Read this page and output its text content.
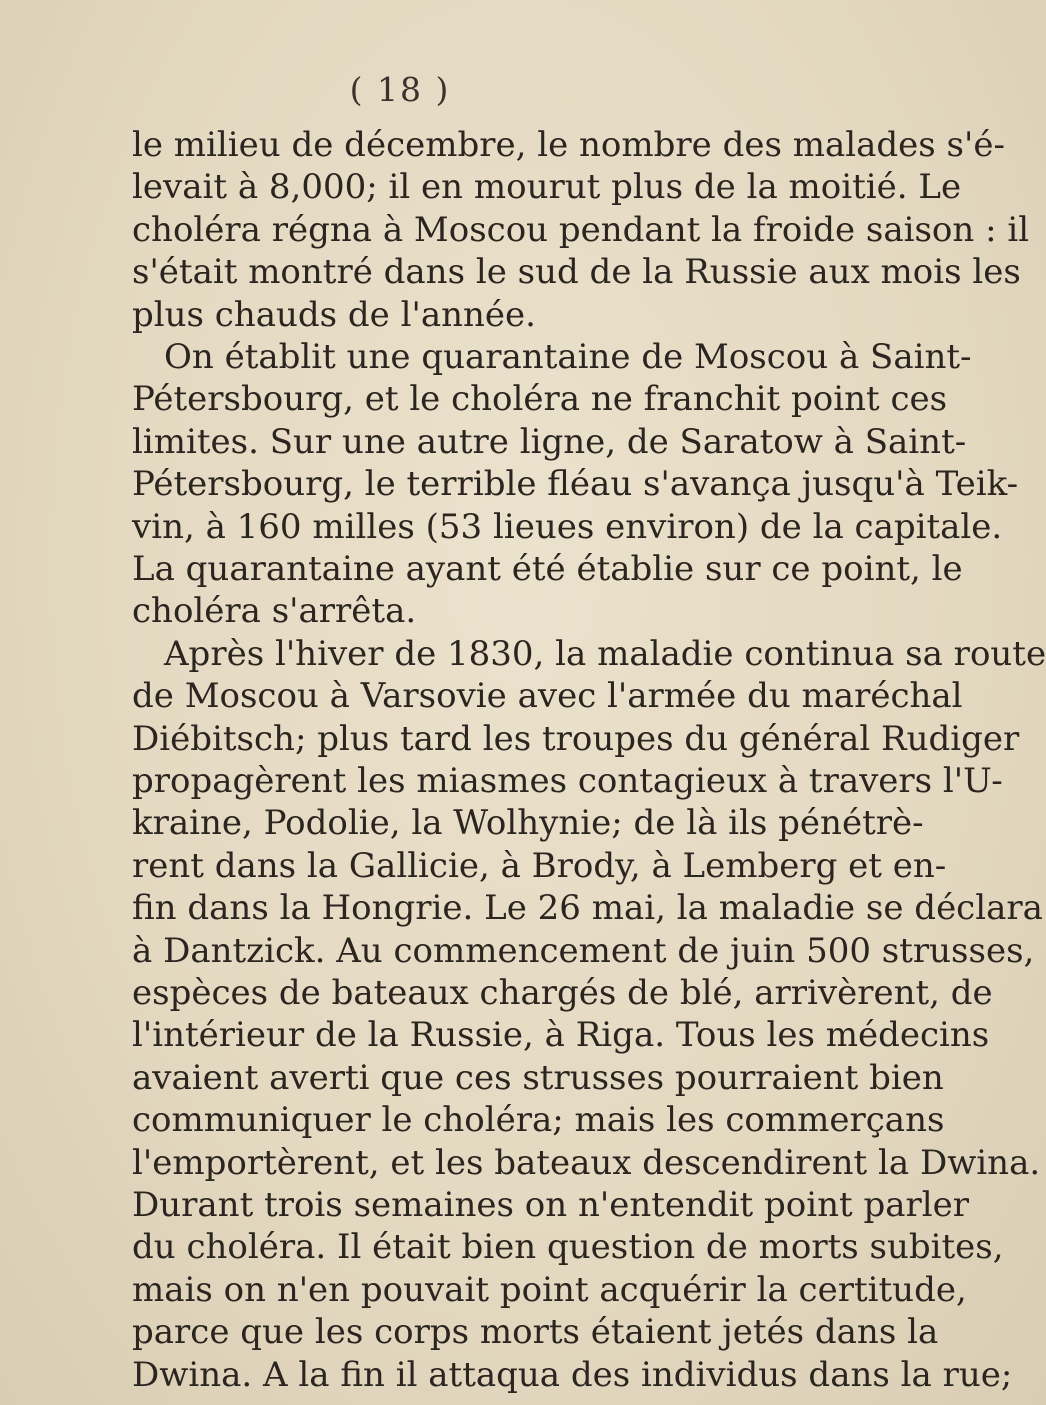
( 18 )
le milieu de décembre, le nombre des malades s'é-
levait à 8,000; il en mourut plus de la moitié. Le
choléra régna à Moscou pendant la froide saison : il
s'était montré dans le sud de la Russie aux mois les
plus chauds de l'année.
On établit une quarantaine de Moscou à Saint-
Pétersbourg, et le choléra ne franchit point ces
limites. Sur une autre ligne, de Saratow à Saint-
Pétersbourg, le terrible fléau s'avança jusqu'à Teik-
vin, à 160 milles (53 lieues environ) de la capitale.
La quarantaine ayant été établie sur ce point, le
choléra s'arrêta.
Après l'hiver de 1830, la maladie continua sa route
de Moscou à Varsovie avec l'armée du maréchal
Diébitsch; plus tard les troupes du général Rudiger
propagèrent les miasmes contagieux à travers l'U-
kraine, Podolie, la Wolhynie; de là ils pénétrè-
rent dans la Gallicie, à Brody, à Lemberg et en-
fin dans la Hongrie. Le 26 mai, la maladie se déclara
à Dantzick. Au commencement de juin 500 strusses,
espèces de bateaux chargés de blé, arrivèrent, de
l'intérieur de la Russie, à Riga. Tous les médecins
avaient averti que ces strusses pourraient bien
communiquer le choléra; mais les commerçans
l'emportèrent, et les bateaux descendirent la Dwina.
Durant trois semaines on n'entendit point parler
du choléra. Il était bien question de morts subites,
mais on n'en pouvait point acquérir la certitude,
parce que les corps morts étaient jetés dans la
Dwina. A la fin il attaqua des individus dans la rue;
